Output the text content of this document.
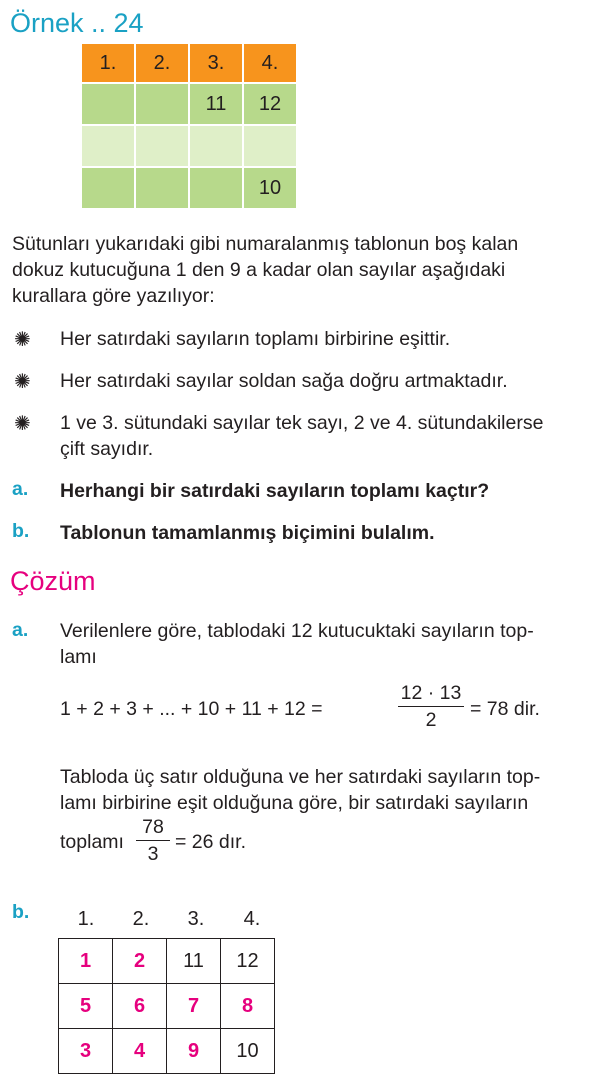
Örnek .. 24
1.	2.	3.	4.
		11	12

			10
Sütunları yukarıdaki gibi numaralanmış tablonun boş kalan
dokuz kutucuğuna 1 den 9 a kadar olan sayılar aşağıdaki
kurallara göre yazılıyor:
✺ Her satırdaki sayıların toplamı birbirine eşittir.
✺ Her satırdaki sayılar soldan sağa doğru artmaktadır.
✺ 1 ve 3. sütundaki sayılar tek sayı, 2 ve 4. sütundakilerse
çift sayıdır.
a. Herhangi bir satırdaki sayıların toplamı kaçtır?
b. Tablonun tamamlanmış biçimini bulalım.
Çözüm
a. Verilenlere göre, tablodaki 12 kutucuktaki sayıların top-
lamı
1 + 2 + 3 + ... + 10 + 11 + 12 =
12 · 13
2	= 78 dir.
Tabloda üç satır olduğuna ve her satırdaki sayıların top-
lamı birbirine eşit olduğuna göre, bir satırdaki sayıların
toplamı
78
3
= 26 dır.
b.	1.	2.	3.	4.
1	2	11	12
5	6	7	8
3	4	9	10
